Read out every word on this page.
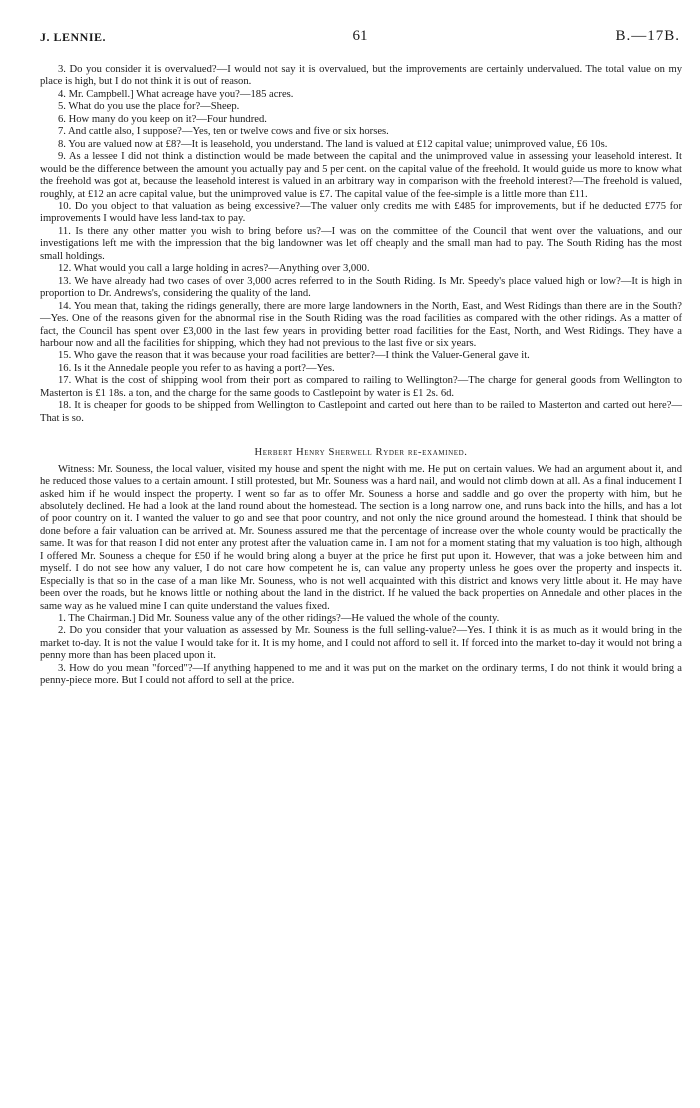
J. LENNIE.	61	B.—17B.

3. Do you consider it is overvalued?—I would not say it is overvalued, but the improvements are certainly undervalued. The total value on my place is high, but I do not think it is out of reason.

4. Mr. Campbell.] What acreage have you?—185 acres.

5. What do you use the place for?—Sheep.

6. How many do you keep on it?—Four hundred.

7. And cattle also, I suppose?—Yes, ten or twelve cows and five or six horses.

8. You are valued now at £8?—It is leasehold, you understand. The land is valued at £12 capital value; unimproved value, £6 10s.

9. As a lessee I did not think a distinction would be made between the capital and the unimproved value in assessing your leasehold interest. It would be the difference between the amount you actually pay and 5 per cent. on the capital value of the freehold. It would guide us more to know what the freehold was got at, because the leasehold interest is valued in an arbitrary way in comparison with the freehold interest?—The freehold is valued, roughly, at £12 an acre capital value, but the unimproved value is £7. The capital value of the fee-simple is a little more than £11.

10. Do you object to that valuation as being excessive?—The valuer only credits me with £485 for improvements, but if he deducted £775 for improvements I would have less land-tax to pay.

11. Is there any other matter you wish to bring before us?—I was on the committee of the Council that went over the valuations, and our investigations left me with the impression that the big landowner was let off cheaply and the small man had to pay. The South Riding has the most small holdings.

12. What would you call a large holding in acres?—Anything over 3,000.

13. We have already had two cases of over 3,000 acres referred to in the South Riding. Is Mr. Speedy's place valued high or low?—It is high in proportion to Dr. Andrews's, considering the quality of the land.

14. You mean that, taking the ridings generally, there are more large landowners in the North, East, and West Ridings than there are in the South?—Yes. One of the reasons given for the abnormal rise in the South Riding was the road facilities as compared with the other ridings. As a matter of fact, the Council has spent over £3,000 in the last few years in providing better road facilities for the East, North, and West Ridings. They have a harbour now and all the facilities for shipping, which they had not previous to the last five or six years.

15. Who gave the reason that it was because your road facilities are better?—I think the Valuer-General gave it.

16. Is it the Annedale people you refer to as having a port?—Yes.

17. What is the cost of shipping wool from their port as compared to railing to Wellington?—The charge for general goods from Wellington to Masterton is £1 18s. a ton, and the charge for the same goods to Castlepoint by water is £1 2s. 6d.

18. It is cheaper for goods to be shipped from Wellington to Castlepoint and carted out here than to be railed to Masterton and carted out here?—That is so.

Herbert Henry Sherwell Ryder re-examined.

Witness: Mr. Souness, the local valuer, visited my house and spent the night with me. He put on certain values. We had an argument about it, and he reduced those values to a certain amount. I still protested, but Mr. Souness was a hard nail, and would not climb down at all. As a final inducement I asked him if he would inspect the property. I went so far as to offer Mr. Souness a horse and saddle and go over the property with him, but he absolutely declined. He had a look at the land round about the homestead. The section is a long narrow one, and runs back into the hills, and has a lot of poor country on it. I wanted the valuer to go and see that poor country, and not only the nice ground around the homestead. I think that should be done before a fair valuation can be arrived at. Mr. Souness assured me that the percentage of increase over the whole county would be practically the same. It was for that reason I did not enter any protest after the valuation came in. I am not for a moment stating that my valuation is too high, although I offered Mr. Souness a cheque for £50 if he would bring along a buyer at the price he first put upon it. However, that was a joke between him and myself. I do not see how any valuer, I do not care how competent he is, can value any property unless he goes over the property and inspects it. Especially is that so in the case of a man like Mr. Souness, who is not well acquainted with this district and knows very little about it. He may have been over the roads, but he knows little or nothing about the land in the district. If he valued the back properties on Annedale and other places in the same way as he valued mine I can quite understand the values fixed.

1. The Chairman.] Did Mr. Souness value any of the other ridings?—He valued the whole of the county.

2. Do you consider that your valuation as assessed by Mr. Souness is the full selling-value?—Yes. I think it is as much as it would bring in the market to-day. It is not the value I would take for it. It is my home, and I could not afford to sell it. If forced into the market to-day it would not bring a penny more than has been placed upon it.

3. How do you mean "forced"?—If anything happened to me and it was put on the market on the ordinary terms, I do not think it would bring a penny-piece more. But I could not afford to sell at the price.
